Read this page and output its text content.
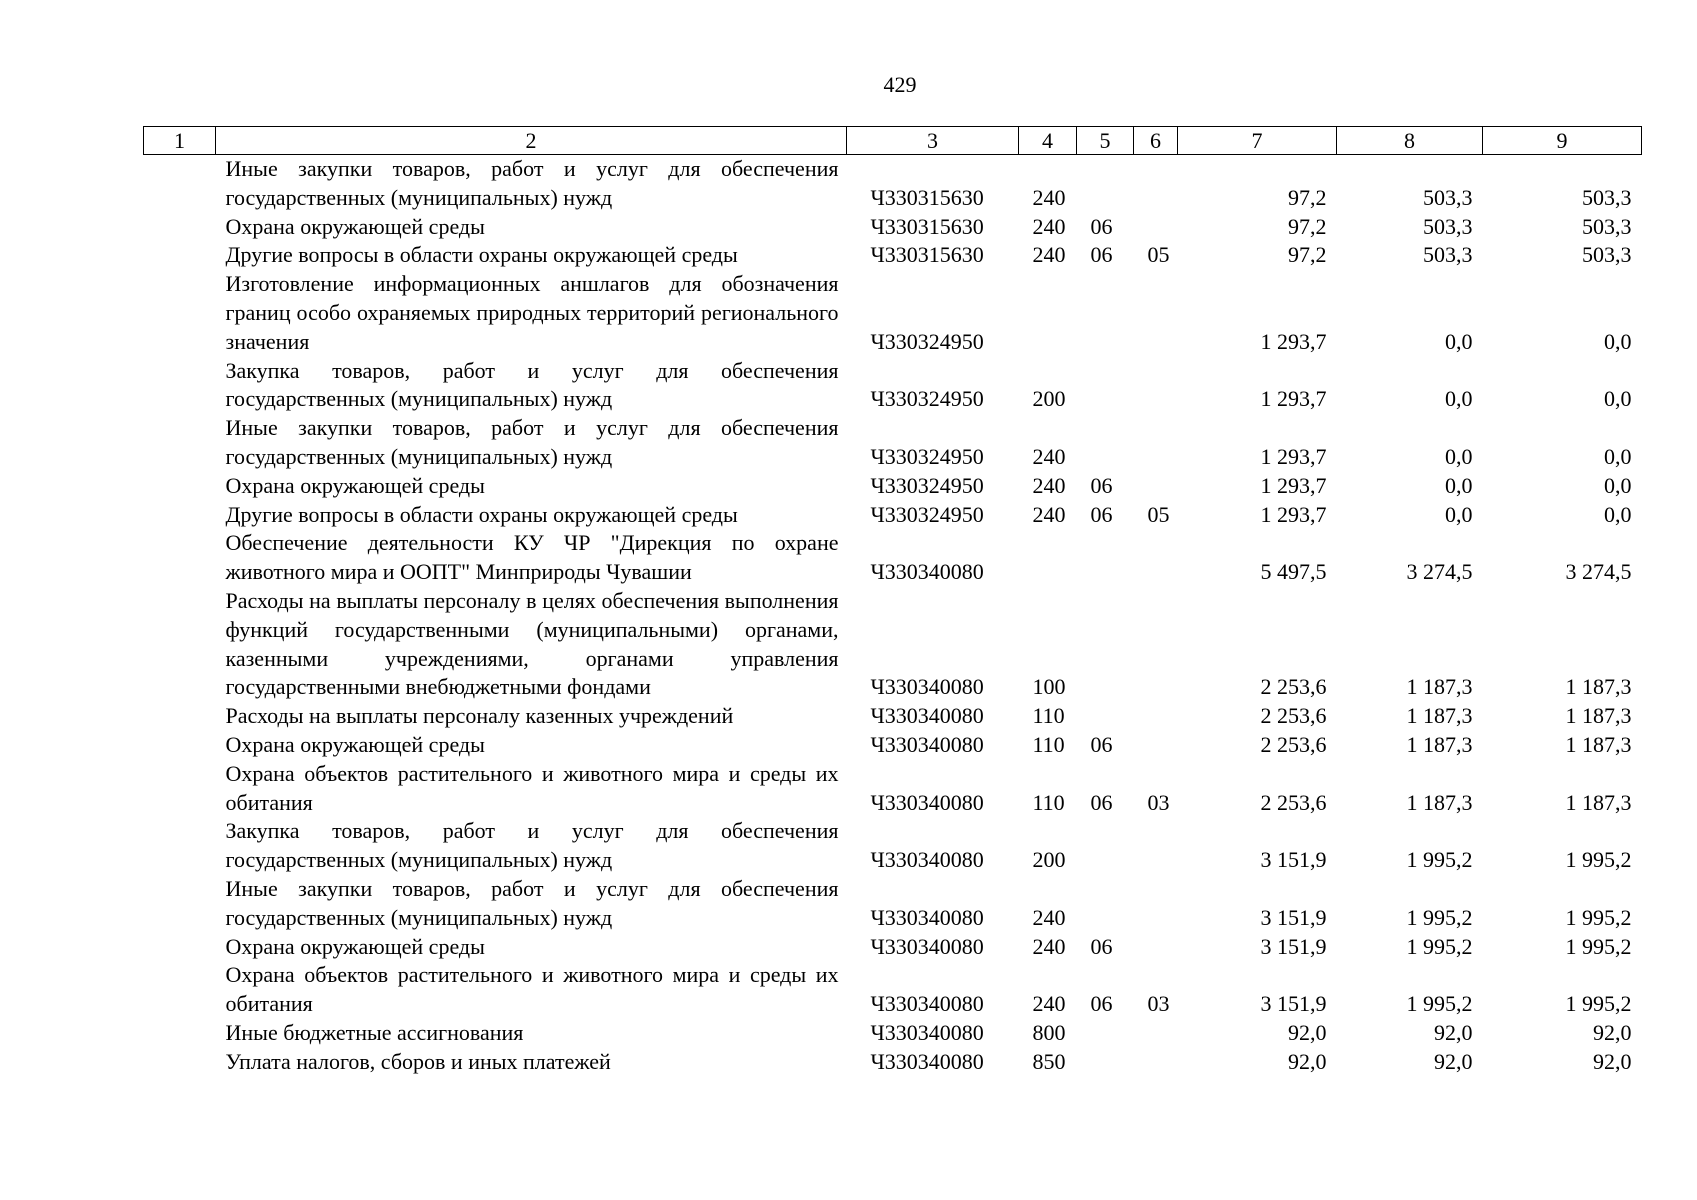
429
1	2	3	4	5	6	7	8	9
	Иные закупки товаров, работ и услуг для обеспечения государственных (муниципальных) нужд	Ч330315630	240			97,2	503,3	503,3
	Охрана окружающей среды	Ч330315630	240	06		97,2	503,3	503,3
	Другие вопросы в области охраны окружающей среды	Ч330315630	240	06	05	97,2	503,3	503,3
	Изготовление информационных аншлагов для обозначения границ особо охраняемых природных территорий регионального значения	Ч330324950				1 293,7	0,0	0,0
	Закупка товаров, работ и услуг для обеспечения государственных (муниципальных) нужд	Ч330324950	200			1 293,7	0,0	0,0
	Иные закупки товаров, работ и услуг для обеспечения государственных (муниципальных) нужд	Ч330324950	240			1 293,7	0,0	0,0
	Охрана окружающей среды	Ч330324950	240	06		1 293,7	0,0	0,0
	Другие вопросы в области охраны окружающей среды	Ч330324950	240	06	05	1 293,7	0,0	0,0
	Обеспечение деятельности КУ ЧР "Дирекция по охране животного мира и ООПТ" Минприроды Чувашии	Ч330340080				5 497,5	3 274,5	3 274,5
	Расходы на выплаты персоналу в целях обеспечения выполнения функций государственными (муниципальными) органами, казенными учреждениями, органами управления государственными внебюджетными фондами	Ч330340080	100			2 253,6	1 187,3	1 187,3
	Расходы на выплаты персоналу казенных учреждений	Ч330340080	110			2 253,6	1 187,3	1 187,3
	Охрана окружающей среды	Ч330340080	110	06		2 253,6	1 187,3	1 187,3
	Охрана объектов растительного и животного мира и среды их обитания	Ч330340080	110	06	03	2 253,6	1 187,3	1 187,3
	Закупка товаров, работ и услуг для обеспечения государственных (муниципальных) нужд	Ч330340080	200			3 151,9	1 995,2	1 995,2
	Иные закупки товаров, работ и услуг для обеспечения государственных (муниципальных) нужд	Ч330340080	240			3 151,9	1 995,2	1 995,2
	Охрана окружающей среды	Ч330340080	240	06		3 151,9	1 995,2	1 995,2
	Охрана объектов растительного и животного мира и среды их обитания	Ч330340080	240	06	03	3 151,9	1 995,2	1 995,2
	Иные бюджетные ассигнования	Ч330340080	800			92,0	92,0	92,0
	Уплата налогов, сборов и иных платежей	Ч330340080	850			92,0	92,0	92,0
